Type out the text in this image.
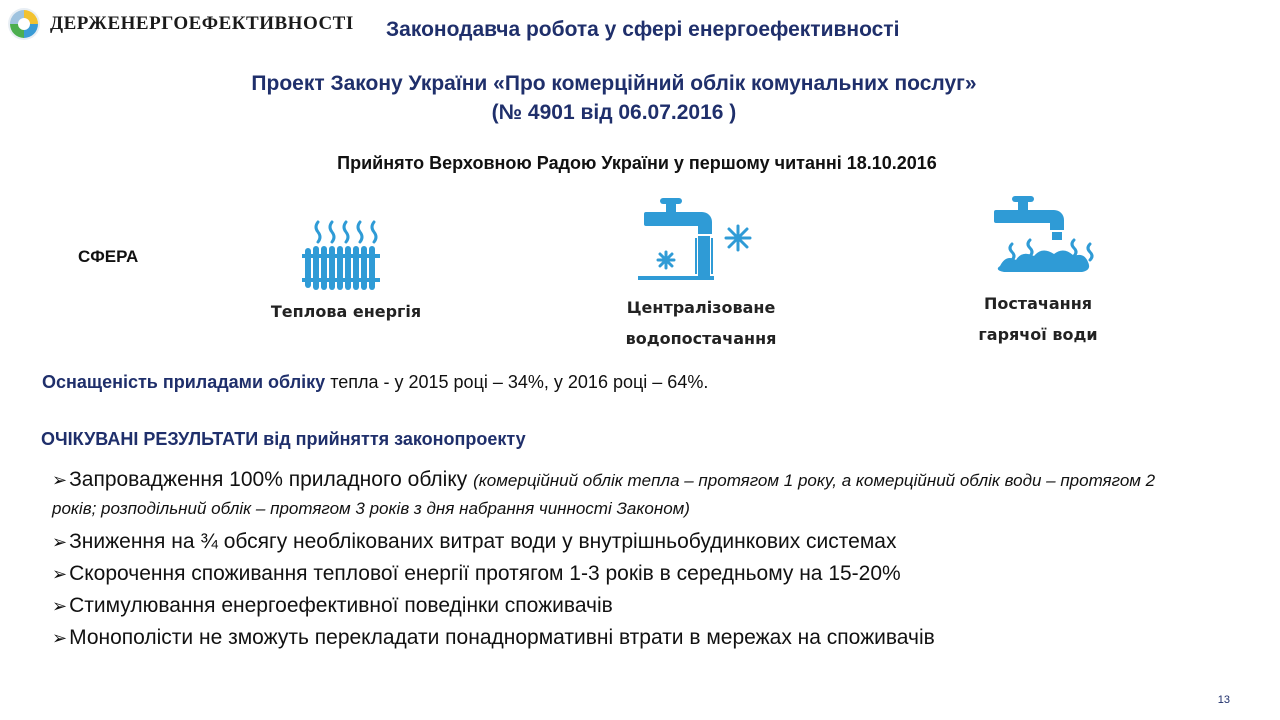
ДЕРЖЕНЕРГОЕФЕКТИВНОСТІ Законодавча робота у сфері енергоефективності
Проект Закону України «Про комерційний облік комунальних послуг»
(№ 4901 від 06.07.2016 )
Прийнято Верховною Радою України у першому читанні 18.10.2016
СФЕРА
Теплова енергія	Централізоване
водопостачання
Постачання
гарячої води
Оснащеність приладами обліку тепла - у 2015 році – 34%, у 2016 році – 64%.
ОЧІКУВАНІ РЕЗУЛЬТАТИ від прийняття законопроекту
➢Запровадження 100% приладного обліку (комерційний облік тепла – протягом 1 року, а комерційний облік води – протягом 2 років; розподільний облік – протягом 3 років з дня набрання чинності Законом)
➢Зниження на ¾ обсягу необлікованих витрат води у внутрішньобудинкових системах
➢Скорочення споживання теплової енергії протягом 1-3 років в середньому на 15-20%
➢Стимулювання енергоефективної поведінки споживачів
➢Монополісти не зможуть перекладати понаднормативні втрати в мережах на споживачів
13
